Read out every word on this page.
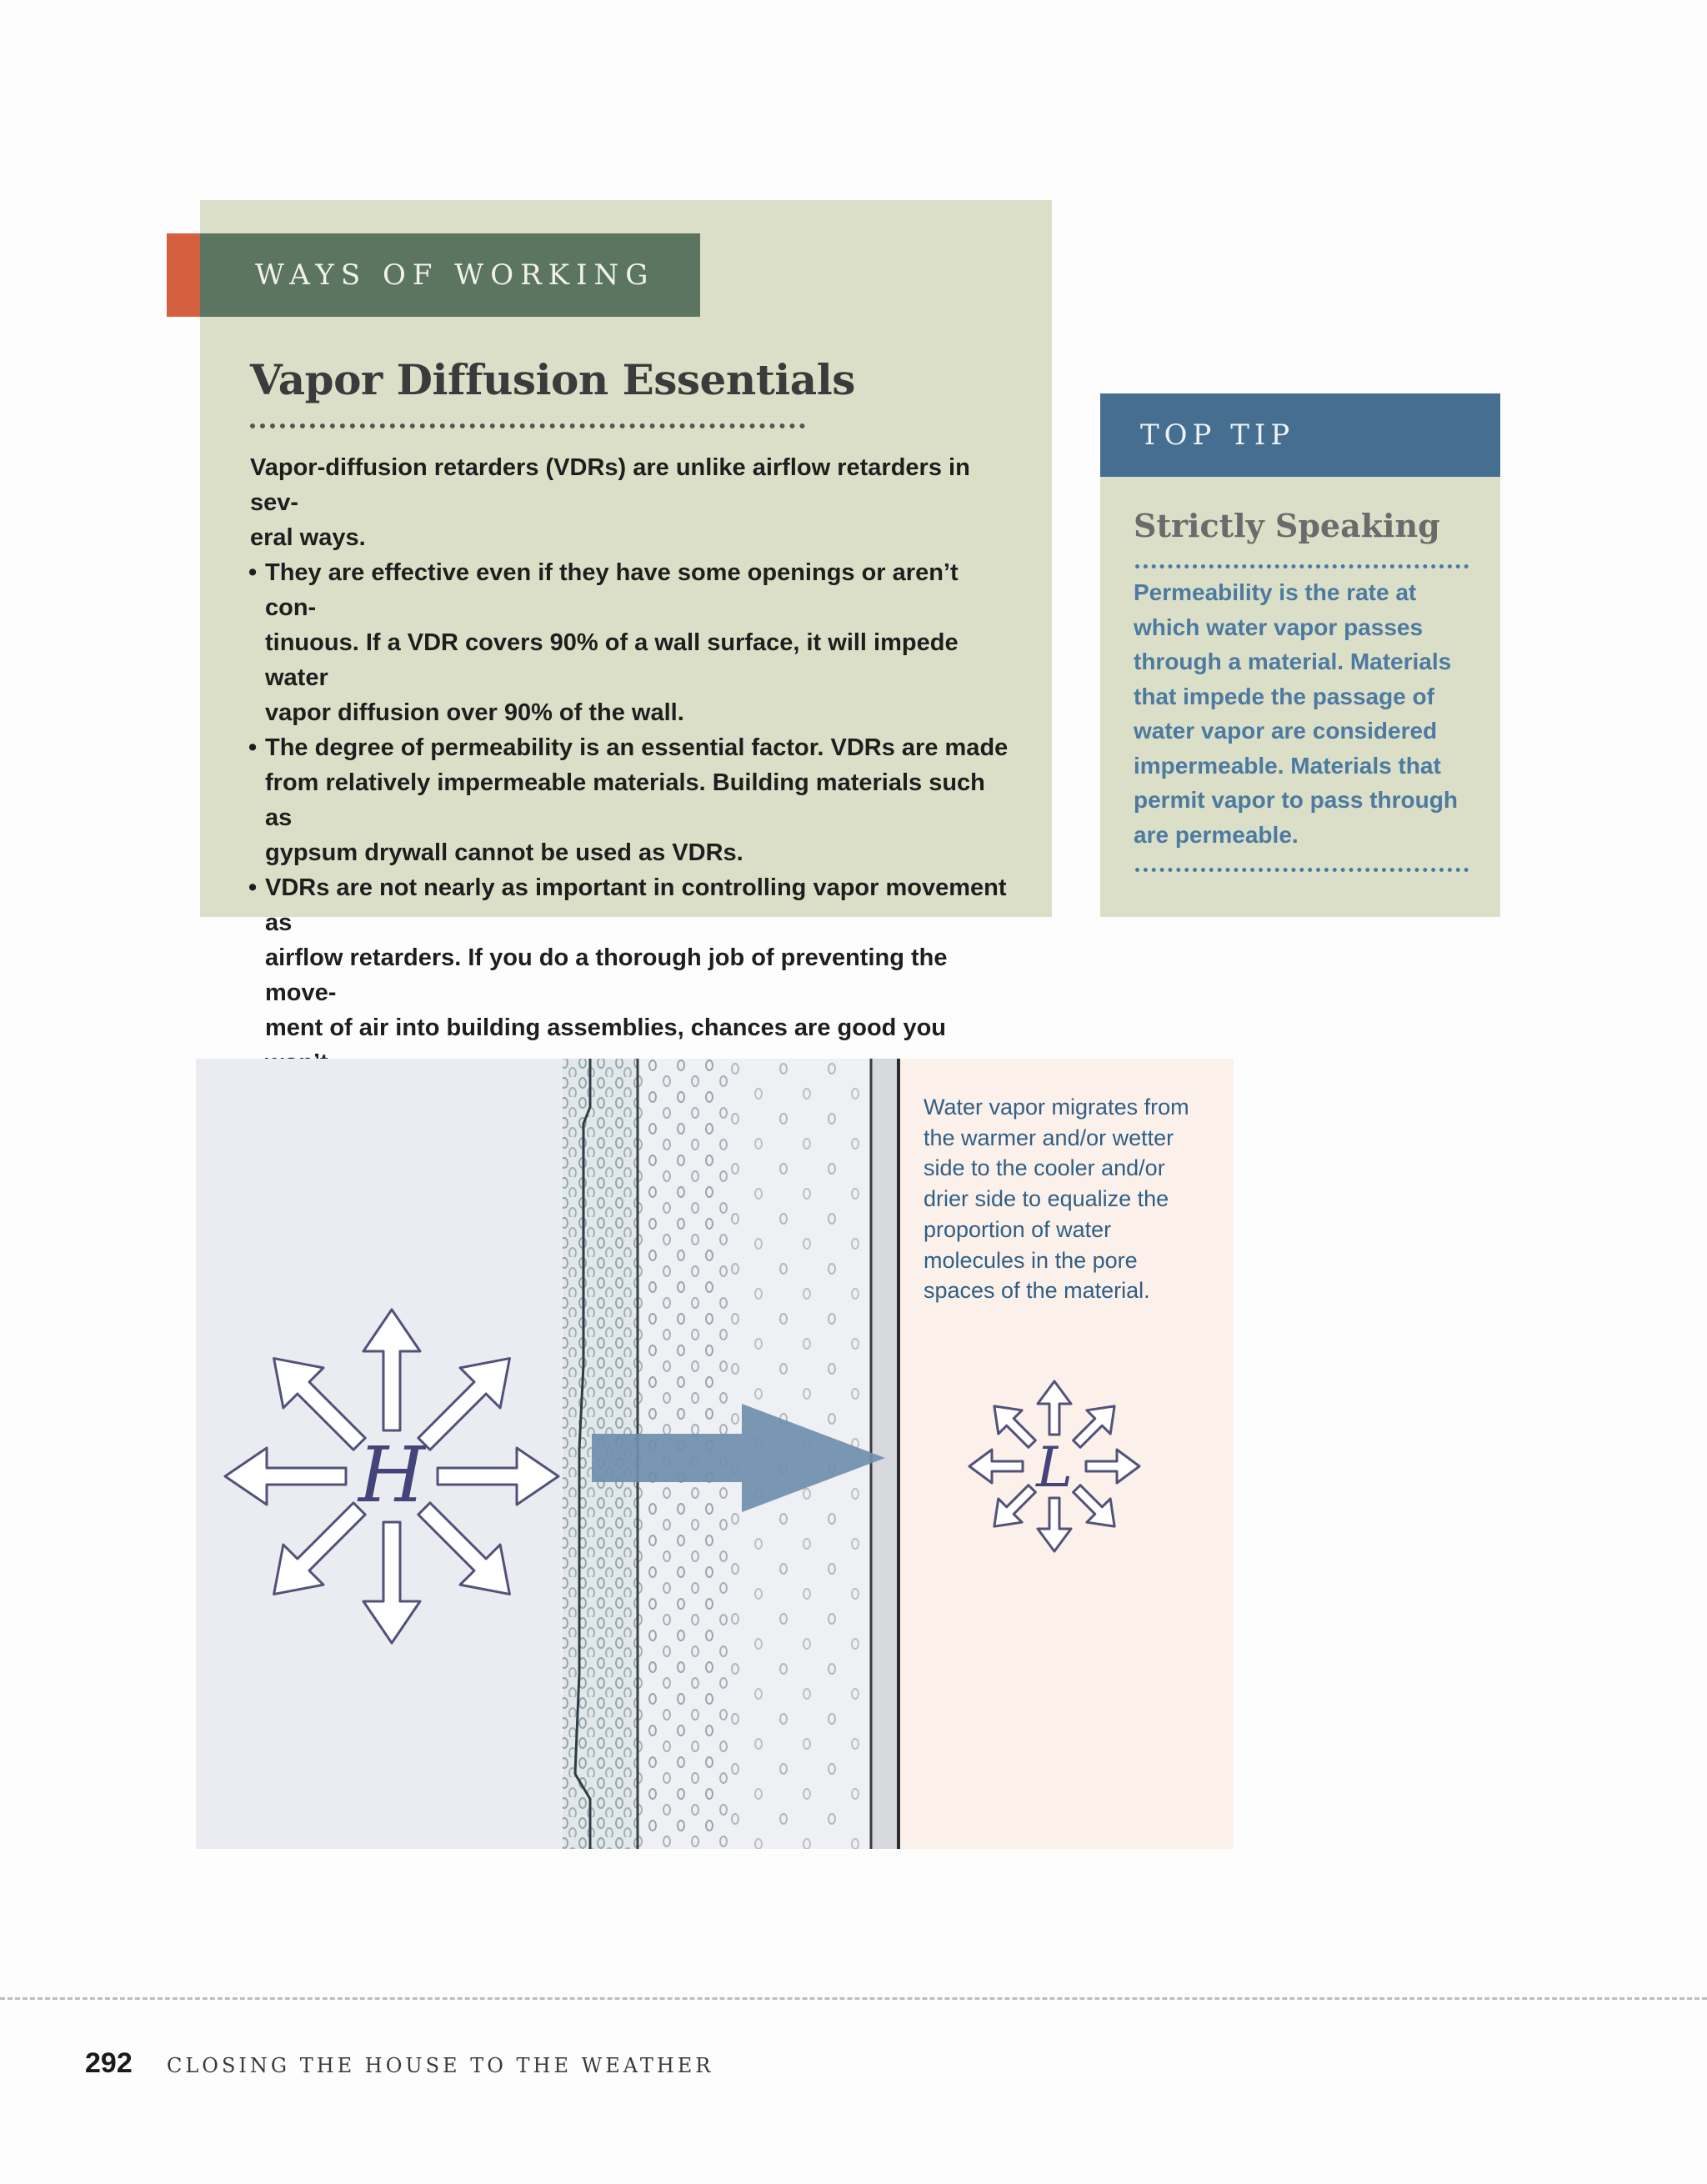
WAYS OF WORKING
Vapor Diffusion Essentials

Vapor-diffusion retarders (VDRs) are unlike airflow retarders in sev-
eral ways.

• They are effective even if they have some openings or aren’t con-
tinuous. If a VDR covers 90% of a wall surface, it will impede water
vapor diffusion over 90% of the wall.
• The degree of permeability is an essential factor. VDRs are made
from relatively impermeable materials. Building materials such as
gypsum drywall cannot be used as VDRs.
• VDRs are not nearly as important in controlling vapor movement as
airflow retarders. If you do a thorough job of preventing the move-
ment of air into building assemblies, chances are good you

TOP TIP
Strictly Speaking

Permeability is the rate at
which water vapor passes
through a material. Materials
that impede the passage of
water vapor are considered
impermeable. Materials that
permit vapor to pass through
are permeable.

H	L

Water vapor migrates from
the warmer and/or wetter
side to the cooler and/or
drier side to equalize the
proportion of water
molecules in the pore
spaces of the material.

292 CLOSING THE HOUSE TO THE WEATHER
